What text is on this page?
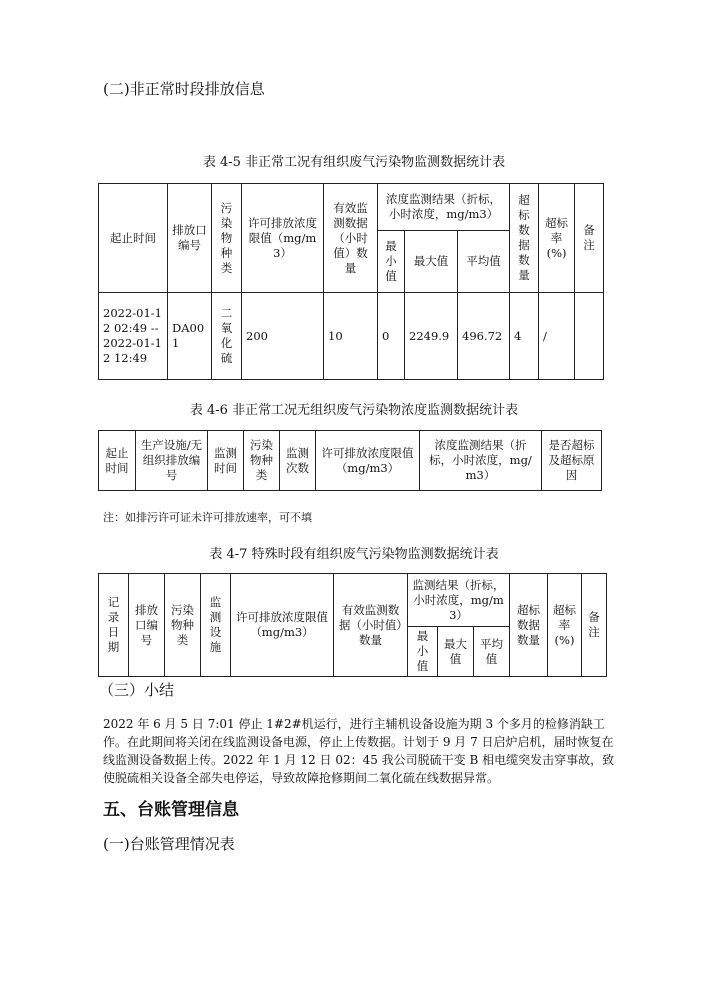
(二)非正常时段排放信息
表 4-5 非正常工况有组织废气污染物监测数据统计表
起止时间	排放口编号	污染物种类	许可排放浓度限值（mg/m3）	有效监测数据（小时值）数量	浓度监测结果（折标，小时浓度，mg/m3）			超标数据数量	超标率(%)	备注
					最小值	最大值	平均值			
2022-01-12 02:49 -- 2022-01-12 12:49	DA001	二氧化硫	200	10	0	2249.9	496.72	4	/	
表 4-6 非正常工况无组织废气污染物浓度监测数据统计表
起止时间	生产设施/无组织排放编号	监测时间	污染物种类	监测次数	许可排放浓度限值（mg/m3）	浓度监测结果（折标，小时浓度，mg/m3）	是否超标及超标原因
注：如排污许可证未许可排放速率，可不填
表 4-7 特殊时段有组织废气污染物监测数据统计表
记录日期	排放口编号	污染物种类	监测设施	许可排放浓度限值（mg/m3）	有效监测数据（小时值）数量	监测结果（折标，小时浓度，mg/m3）			超标数据数量	超标率(%)	备注
						最小值	最大值	平均值			
（三）小结
2022 年 6 月 5 日 7:01 停止 1#2#机运行，进行主辅机设备设施为期 3 个多月的检修消缺工作。在此期间将关闭在线监测设备电源，停止上传数据。计划于 9 月 7 日启炉启机，届时恢复在线监测设备数据上传。2022 年 1 月 12 日 02：45 我公司脱硫干变 B 相电缆突发击穿事故，致使脱硫相关设备全部失电停运，导致故障抢修期间二氧化硫在线数据异常。
五、台账管理信息
(一)台账管理情况表
